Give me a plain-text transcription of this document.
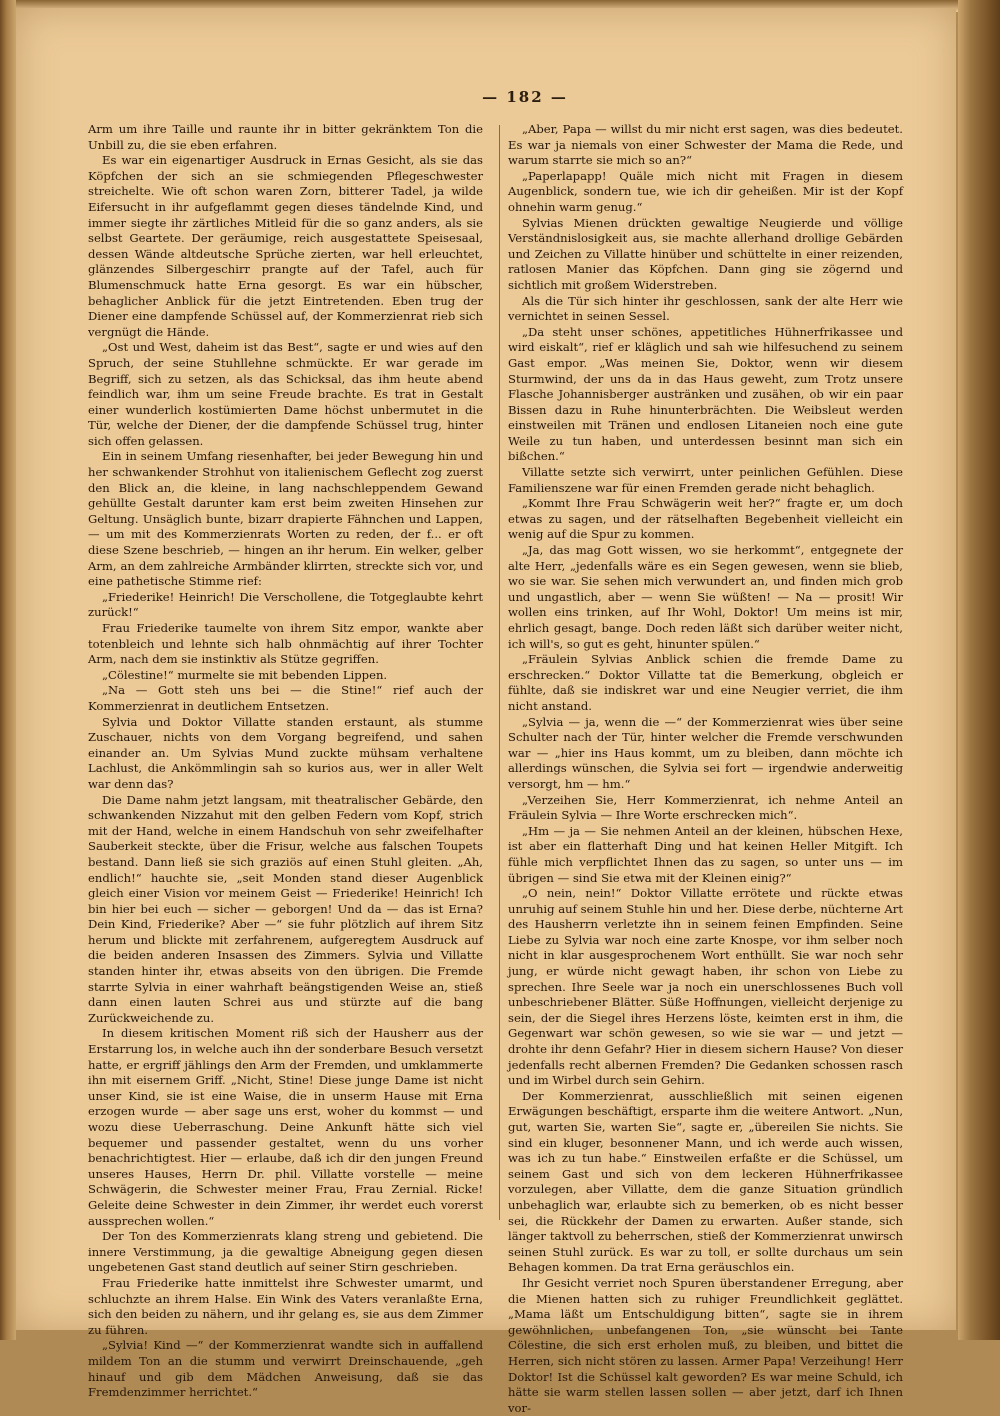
— 182 —

Arm um ihre Taille und raunte ihr in bitter gekränktem Ton die Unbill zu, die sie eben erfahren.

Es war ein eigenartiger Ausdruck in Ernas Gesicht, als sie das Köpfchen der sich an sie schmiegenden Pflegeschwester streichelte. Wie oft schon waren Zorn, bitterer Tadel, ja wilde Eifersucht in ihr aufgeflammt gegen dieses tändelnde Kind, und immer siegte ihr zärtliches Mitleid für die so ganz anders, als sie selbst Geartete. Der geräumige, reich ausgestattete Speisesaal, dessen Wände altdeutsche Sprüche zierten, war hell erleuchtet, glänzendes Silbergeschirr prangte auf der Tafel, auch für Blumenschmuck hatte Erna gesorgt. Es war ein hübscher, behaglicher Anblick für die jetzt Eintretenden. Eben trug der Diener eine dampfende Schüssel auf, der Kommerzienrat rieb sich vergnügt die Hände.

„Ost und West, daheim ist das Best“, sagte er und wies auf den Spruch, der seine Stuhllehne schmückte. Er war gerade im Begriff, sich zu setzen, als das Schicksal, das ihm heute abend feindlich war, ihm um seine Freude brachte. Es trat in Gestalt einer wunderlich kostümierten Dame höchst unbermutet in die Tür, welche der Diener, der die dampfende Schüssel trug, hinter sich offen gelassen.

Ein in seinem Umfang riesenhafter, bei jeder Bewegung hin und her schwankender Strohhut von italienischem Geflecht zog zuerst den Blick an, die kleine, in lang nachschleppendem Gewand gehüllte Gestalt darunter kam erst beim zweiten Hinsehen zur Geltung. Unsäglich bunte, bizarr drapierte Fähnchen und Lappen, — um mit des Kommerzienrats Worten zu reden, der f... er oft diese Szene beschrieb, — hingen an ihr herum. Ein welker, gelber Arm, an dem zahlreiche Armbänder klirrten, streckte sich vor, und eine pathetische Stimme rief:

„Friederike! Heinrich! Die Verschollene, die Totgeglaubte kehrt zurück!“

Frau Friederike taumelte von ihrem Sitz empor, wankte aber totenbleich und lehnte sich halb ohnmächtig auf ihrer Tochter Arm, nach dem sie instinktiv als Stütze gegriffen.

„Cölestine!“ murmelte sie mit bebenden Lippen.

„Na — Gott steh uns bei — die Stine!“ rief auch der Kommerzienrat in deutlichem Entsetzen.

Sylvia und Doktor Villatte standen erstaunt, als stumme Zuschauer, nichts von dem Vorgang begreifend, und sahen einander an. Um Sylvias Mund zuckte mühsam verhaltene Lachlust, die Ankömmlingin sah so kurios aus, wer in aller Welt war denn das?

Die Dame nahm jetzt langsam, mit theatralischer Gebärde, den schwankenden Nizzahut mit den gelben Federn vom Kopf, strich mit der Hand, welche in einem Handschuh von sehr zweifelhafter Sauberkeit steckte, über die Frisur, welche aus falschen Toupets bestand. Dann ließ sie sich graziös auf einen Stuhl gleiten. „Ah, endlich!“ hauchte sie, „seit Monden stand dieser Augenblick gleich einer Vision vor meinem Geist — Friederike! Heinrich! Ich bin hier bei euch — sicher — geborgen! Und da — das ist Erna? Dein Kind, Friederike? Aber —“ sie fuhr plötzlich auf ihrem Sitz herum und blickte mit zerfahrenem, aufgeregtem Ausdruck auf die beiden anderen Insassen des Zimmers. Sylvia und Villatte standen hinter ihr, etwas abseits von den übrigen. Die Fremde starrte Sylvia in einer wahrhaft beängstigenden Weise an, stieß dann einen lauten Schrei aus und stürzte auf die bang Zurückweichende zu.

In diesem kritischen Moment riß sich der Hausherr aus der Erstarrung los, in welche auch ihn der sonderbare Besuch versetzt hatte, er ergriff jählings den Arm der Fremden, und umklammerte ihn mit eisernem Griff. „Nicht, Stine! Diese junge Dame ist nicht unser Kind, sie ist eine Waise, die in unserm Hause mit Erna erzogen wurde — aber sage uns erst, woher du kommst — und wozu diese Ueberraschung. Deine Ankunft hätte sich viel bequemer und passender gestaltet, wenn du uns vorher benachrichtigtest. Hier — erlaube, daß ich dir den jungen Freund unseres Hauses, Herrn Dr. phil. Villatte vorstelle — meine Schwägerin, die Schwester meiner Frau, Frau Zernial. Ricke! Geleite deine Schwester in dein Zimmer, ihr werdet euch vorerst aussprechen wollen.“

Der Ton des Kommerzienrats klang streng und gebietend. Die innere Verstimmung, ja die gewaltige Abneigung gegen diesen ungebetenen Gast stand deutlich auf seiner Stirn geschrieben.

Frau Friederike hatte inmittelst ihre Schwester umarmt, und schluchzte an ihrem Halse. Ein Wink des Vaters veranlaßte Erna, sich den beiden zu nähern, und ihr gelang es, sie aus dem Zimmer zu führen.

„Sylvia! Kind —“ der Kommerzienrat wandte sich in auffallend mildem Ton an die stumm und verwirrt Dreinschauende, „geh hinauf und gib dem Mädchen Anweisung, daß sie das Fremdenzimmer herrichtet.“

„Aber, Papa — willst du mir nicht erst sagen, was dies bedeutet. Es war ja niemals von einer Schwester der Mama die Rede, und warum starrte sie mich so an?“

„Paperlapapp! Quäle mich nicht mit Fragen in diesem Augenblick, sondern tue, wie ich dir geheißen. Mir ist der Kopf ohnehin warm genug.“

Sylvias Mienen drückten gewaltige Neugierde und völlige Verständnislosigkeit aus, sie machte allerhand drollige Gebärden und Zeichen zu Villatte hinüber und schüttelte in einer reizenden, ratlosen Manier das Köpfchen. Dann ging sie zögernd und sichtlich mit großem Widerstreben.

Als die Tür sich hinter ihr geschlossen, sank der alte Herr wie vernichtet in seinen Sessel.

„Da steht unser schönes, appetitliches Hühnerfrikassee und wird eiskalt“, rief er kläglich und sah wie hilfesuchend zu seinem Gast empor. „Was meinen Sie, Doktor, wenn wir diesem Sturmwind, der uns da in das Haus geweht, zum Trotz unsere Flasche Johannisberger austränken und zusähen, ob wir ein paar Bissen dazu in Ruhe hinunterbrächten. Die Weibsleut werden einstweilen mit Tränen und endlosen Litaneien noch eine gute Weile zu tun haben, und unterdessen besinnt man sich ein bißchen.“

Villatte setzte sich verwirrt, unter peinlichen Gefühlen. Diese Familienszene war für einen Fremden gerade nicht behaglich.

„Kommt Ihre Frau Schwägerin weit her?“ fragte er, um doch etwas zu sagen, und der rätselhaften Begebenheit vielleicht ein wenig auf die Spur zu kommen.

„Ja, das mag Gott wissen, wo sie herkommt“, entgegnete der alte Herr, „jedenfalls wäre es ein Segen gewesen, wenn sie blieb, wo sie war. Sie sehen mich verwundert an, und finden mich grob und ungastlich, aber — wenn Sie wüßten! — Na — prosit! Wir wollen eins trinken, auf Ihr Wohl, Doktor! Um meins ist mir, ehrlich gesagt, bange. Doch reden läßt sich darüber weiter nicht, ich will's, so gut es geht, hinunter spülen.“

„Fräulein Sylvias Anblick schien die fremde Dame zu erschrecken.“ Doktor Villatte tat die Bemerkung, obgleich er fühlte, daß sie indiskret war und eine Neugier verriet, die ihm nicht anstand.

„Sylvia — ja, wenn die —“ der Kommerzienrat wies über seine Schulter nach der Tür, hinter welcher die Fremde verschwunden war — „hier ins Haus kommt, um zu bleiben, dann möchte ich allerdings wünschen, die Sylvia sei fort — irgendwie anderweitig versorgt, hm — hm.“

„Verzeihen Sie, Herr Kommerzienrat, ich nehme Anteil an Fräulein Sylvia — Ihre Worte erschrecken mich“.

„Hm — ja — Sie nehmen Anteil an der kleinen, hübschen Hexe, ist aber ein flatterhaft Ding und hat keinen Heller Mitgift. Ich fühle mich verpflichtet Ihnen das zu sagen, so unter uns — im übrigen — sind Sie etwa mit der Kleinen einig?“

„O nein, nein!“ Doktor Villatte errötete und rückte etwas unruhig auf seinem Stuhle hin und her. Diese derbe, nüchterne Art des Hausherrn verletzte ihn in seinem feinen Empfinden. Seine Liebe zu Sylvia war noch eine zarte Knospe, vor ihm selber noch nicht in klar ausgesprochenem Wort enthüllt. Sie war noch sehr jung, er würde nicht gewagt haben, ihr schon von Liebe zu sprechen. Ihre Seele war ja noch ein unerschlossenes Buch voll unbeschriebener Blätter. Süße Hoffnungen, vielleicht derjenige zu sein, der die Siegel ihres Herzens löste, keimten erst in ihm, die Gegenwart war schön gewesen, so wie sie war — und jetzt — drohte ihr denn Gefahr? Hier in diesem sichern Hause? Von dieser jedenfalls recht albernen Fremden? Die Gedanken schossen rasch und im Wirbel durch sein Gehirn.

Der Kommerzienrat, ausschließlich mit seinen eigenen Erwägungen beschäftigt, ersparte ihm die weitere Antwort. „Nun, gut, warten Sie, warten Sie“, sagte er, „übereilen Sie nichts. Sie sind ein kluger, besonnener Mann, und ich werde auch wissen, was ich zu tun habe.“ Einstweilen erfaßte er die Schüssel, um seinem Gast und sich von dem leckeren Hühnerfrikassee vorzulegen, aber Villatte, dem die ganze Situation gründlich unbehaglich war, erlaubte sich zu bemerken, ob es nicht besser sei, die Rückkehr der Damen zu erwarten. Außer stande, sich länger taktvoll zu beherrschen, stieß der Kommerzienrat unwirsch seinen Stuhl zurück. Es war zu toll, er sollte durchaus um sein Behagen kommen. Da trat Erna geräuschlos ein.

Ihr Gesicht verriet noch Spuren überstandener Erregung, aber die Mienen hatten sich zu ruhiger Freundlichkeit geglättet. „Mama läßt um Entschuldigung bitten“, sagte sie in ihrem gewöhnlichen, unbefangenen Ton, „sie wünscht bei Tante Cölestine, die sich erst erholen muß, zu bleiben, und bittet die Herren, sich nicht stören zu lassen. Armer Papa! Verzeihung! Herr Doktor! Ist die Schüssel kalt geworden? Es war meine Schuld, ich hätte sie warm stellen lassen sollen — aber jetzt, darf ich Ihnen vor-
